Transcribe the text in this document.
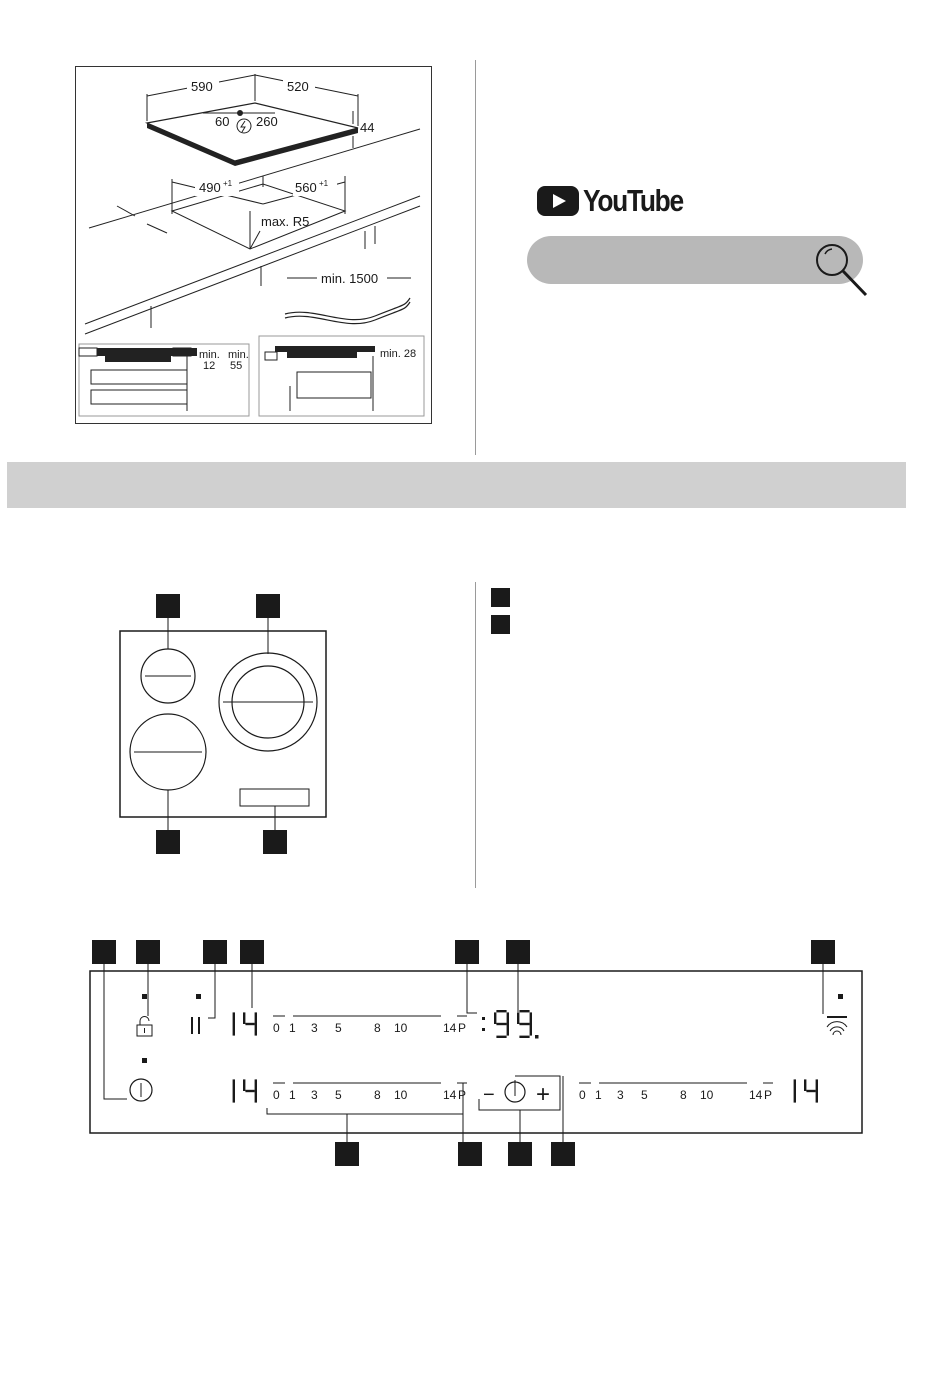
590	520
44
60 260
490 +1	560 +1
max. R5
min. 1500
min.
12
min.
55
min. 28
YouTube
0 1 3 5	8 10	14 P
0 1 3 5	8 10	14 P	0 1 3 5	8 10	14 P
− +
